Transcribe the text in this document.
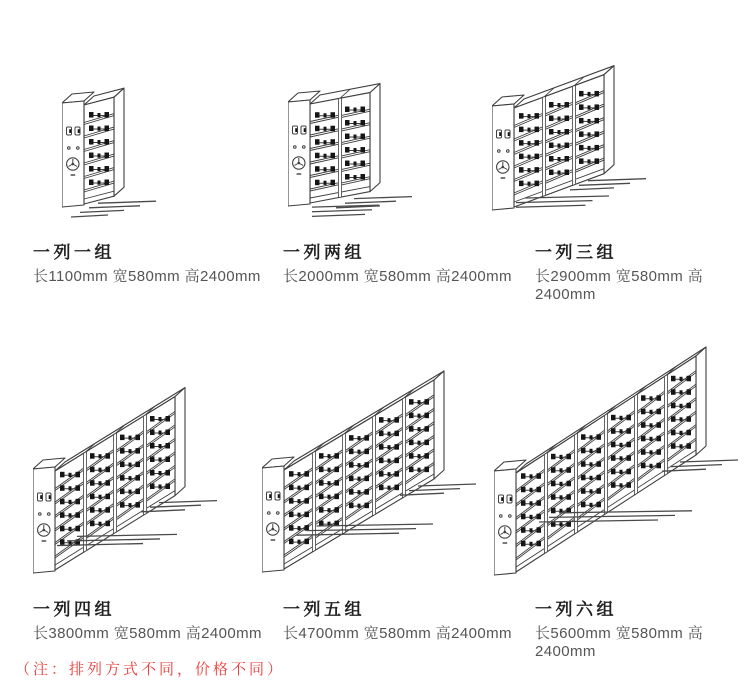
一列一组
长1100mm 宽580mm 高2400mm
一列两组
长2000mm 宽580mm 高2400mm
一列三组
长2900mm 宽580mm 高2400mm
一列四组
长3800mm 宽580mm 高2400mm
一列五组
长4700mm 宽580mm 高2400mm
一列六组
长5600mm 宽580mm 高2400mm
（注：排列方式不同，价格不同）
